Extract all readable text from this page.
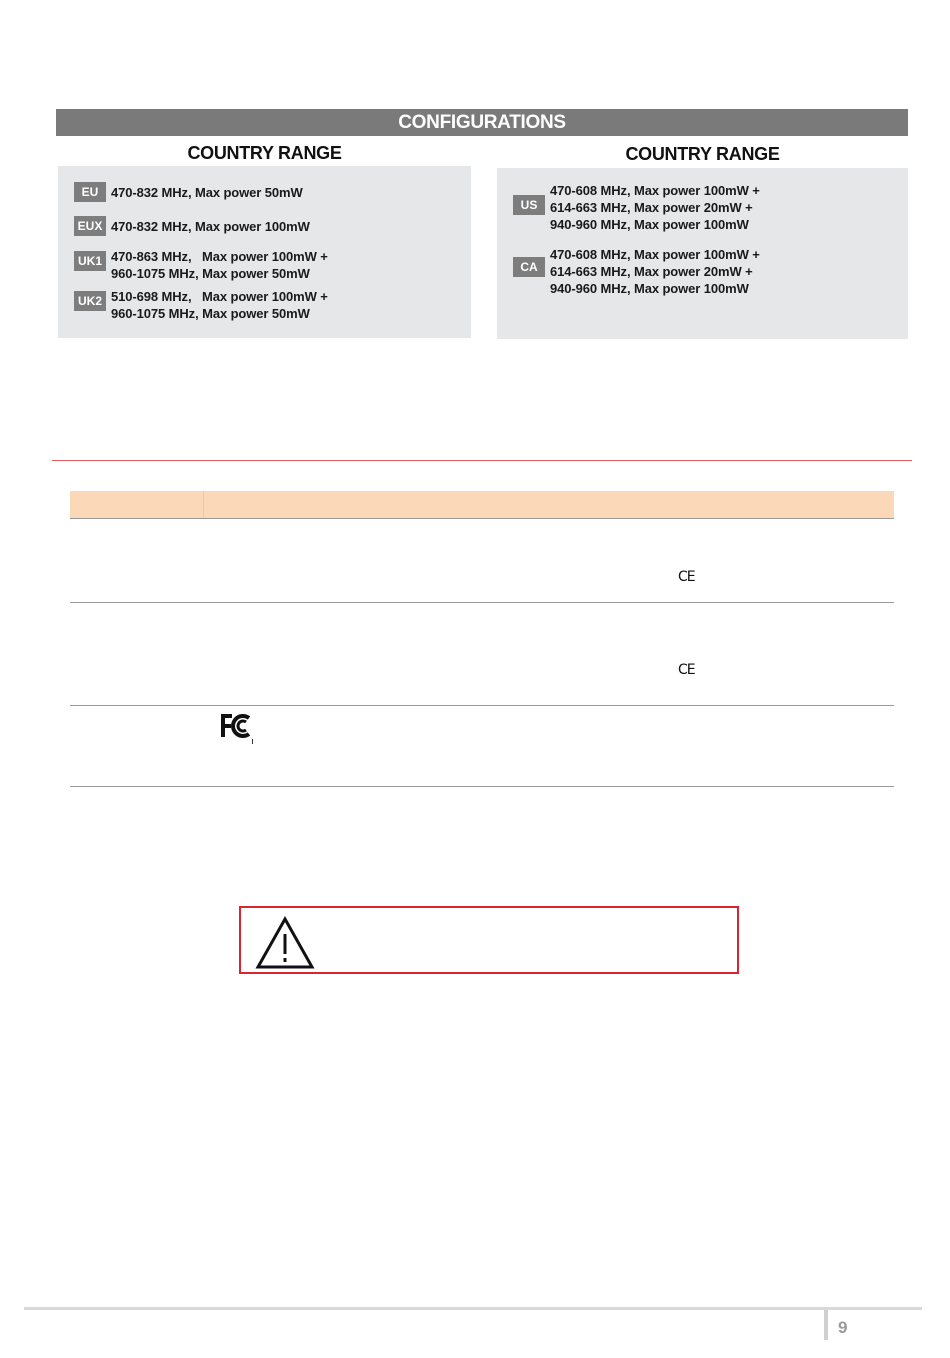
CONFIGURATIONS
COUNTRY RANGE	COUNTRY RANGE
EU 470-832 MHz, Max power 50mW
EUX 470-832 MHz, Max power 100mW
UK1 470-863 MHz,   Max power 100mW +
960-1075 MHz, Max power 50mW
UK2 510-698 MHz,   Max power 100mW +
960-1075 MHz, Max power 50mW
US
470-608 MHz, Max power 100mW +
614-663 MHz, Max power 20mW +
940-960 MHz, Max power 100mW
CA
470-608 MHz, Max power 100mW +
614-663 MHz, Max power 20mW +
940-960 MHz, Max power 100mW
CE
CE
9
